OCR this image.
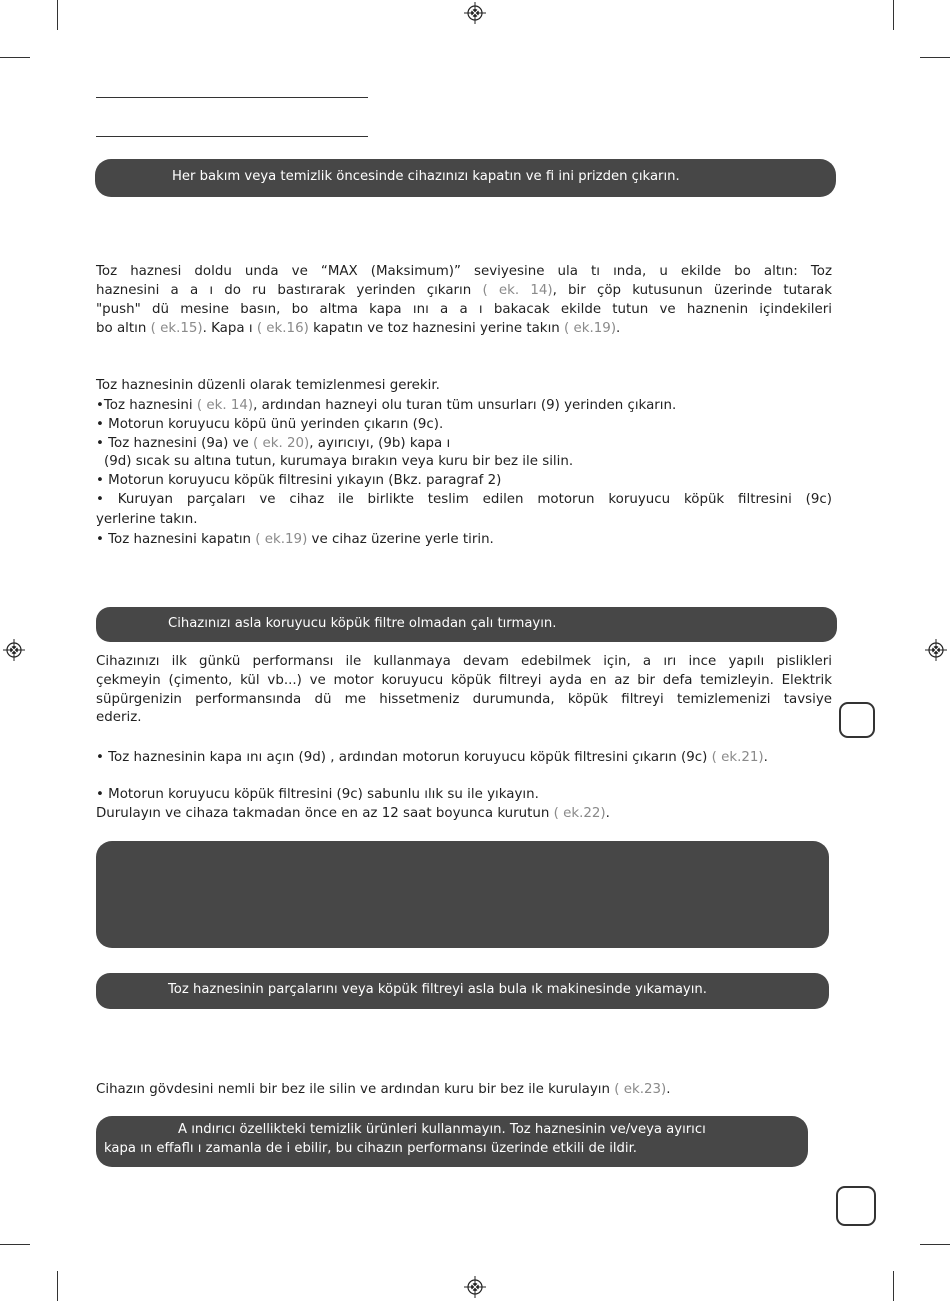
Her bakım veya temizlik öncesinde cihazınızı kapatın ve fi ini prizden çıkarın.
Toz haznesi doldu unda ve “MAX (Maksimum)” seviyesine ula tı ında, u ekilde bo altın: Toz
haznesini a a ı do ru bastırarak yerinden çıkarın ( ek. 14), bir çöp kutusunun üzerinde tutarak
"push" dü mesine basın, bo altma kapa ını a a ı bakacak ekilde tutun ve haznenin içindekileri
bo altın ( ek.15). Kapa ı ( ek.16) kapatın ve toz haznesini yerine takın ( ek.19).
Toz haznesinin düzenli olarak temizlenmesi gerekir.
•Toz haznesini ( ek. 14), ardından hazneyi olu turan tüm unsurları (9) yerinden çıkarın.
• Motorun koruyucu köpü ünü yerinden çıkarın (9c).
• Toz haznesini (9a) ve ( ek. 20), ayırıcıyı, (9b) kapa ı
(9d) sıcak su altına tutun, kurumaya bırakın veya kuru bir bez ile silin.
• Motorun koruyucu köpük filtresini yıkayın (Bkz. paragraf 2)
• Kuruyan parçaları ve cihaz ile birlikte teslim edilen motorun koruyucu köpük filtresini (9c)
yerlerine takın.
• Toz haznesini kapatın ( ek.19) ve cihaz üzerine yerle tirin.
Cihazınızı asla koruyucu köpük filtre olmadan çalı tırmayın.
Cihazınızı ilk günkü performansı ile kullanmaya devam edebilmek için, a ırı ince yapılı pislikleri
çekmeyin (çimento, kül vb...) ve motor koruyucu köpük filtreyi ayda en az bir defa temizleyin. Elektrik
süpürgenizin performansında dü me hissetmeniz durumunda, köpük filtreyi temizlemenizi tavsiye
ederiz.
• Toz haznesinin kapa ını açın (9d) , ardından motorun koruyucu köpük filtresini çıkarın (9c) ( ek.21).
• Motorun koruyucu köpük filtresini (9c) sabunlu ılık su ile yıkayın.
Durulayın ve cihaza takmadan önce en az 12 saat boyunca kurutun ( ek.22).
Toz haznesinin parçalarını veya köpük filtreyi asla bula ık makinesinde yıkamayın.
Cihazın gövdesini nemli bir bez ile silin ve ardından kuru bir bez ile kurulayın ( ek.23).
A ındırıcı özellikteki temizlik ürünleri kullanmayın. Toz haznesinin ve/veya ayırıcı
kapa ın effaflı ı zamanla de i ebilir, bu cihazın performansı üzerinde etkili de ildir.
